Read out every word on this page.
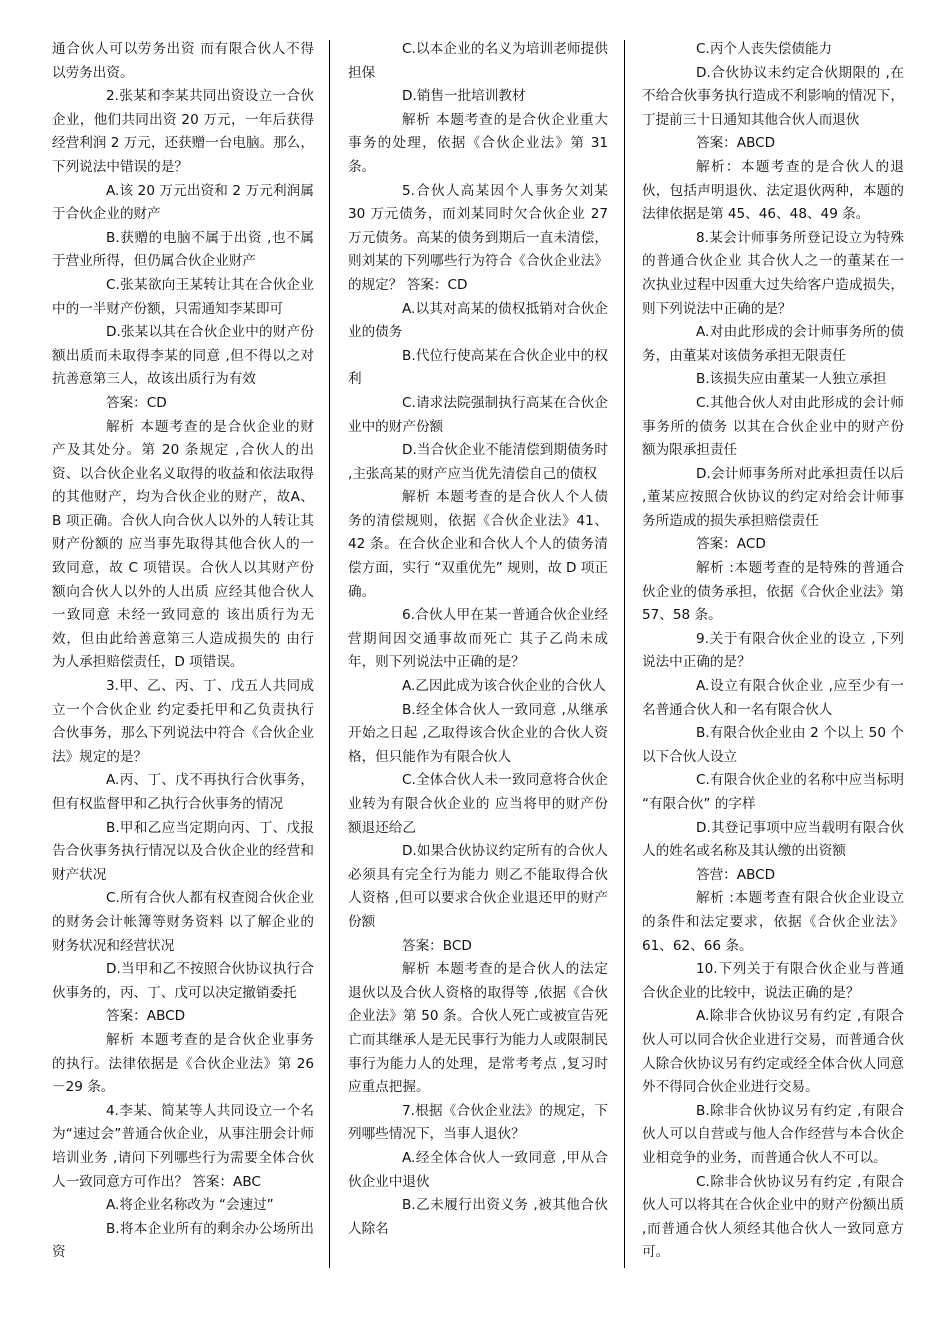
通合伙人可以劳务出资 而有限合伙人不得以劳务出资。

2.张某和李某共同出资设立一合伙企业，他们共同出资 20 万元，一年后获得经营利润 2 万元，还获赠一台电脑。那么，下列说法中错误的是？

A.该 20 万元出资和 2 万元利润属于合伙企业的财产

B.获赠的电脑不属于出资 ,也不属于营业所得，但仍属合伙企业财产

C.张某欲向王某转让其在合伙企业中的一半财产份额，只需通知李某即可

D.张某以其在合伙企业中的财产份额出质而未取得李某的同意 ,但不得以之对抗善意第三人，故该出质行为有效

答案：CD

解析 本题考查的是合伙企业的财产及其处分。第 20 条规定 ,合伙人的出资、以合伙企业名义取得的收益和依法取得的其他财产，均为合伙企业的财产，故A、B 项正确。合伙人向合伙人以外的人转让其财产份额的 应当事先取得其他合伙人的一致同意，故 C 项错误。合伙人以其财产份额向合伙人以外的人出质 应经其他合伙人一致同意 未经一致同意的 该出质行为无效，但由此给善意第三人造成损失的 由行为人承担赔偿责任，D 项错误。

3.甲、乙、丙、丁、戊五人共同成立一个合伙企业 约定委托甲和乙负责执行合伙事务，那么下列说法中符合《合伙企业法》规定的是？

A.丙、丁、戊不再执行合伙事务，但有权监督甲和乙执行合伙事务的情况

B.甲和乙应当定期向丙、丁、戊报告合伙事务执行情况以及合伙企业的经营和财产状况

C.所有合伙人都有权查阅合伙企业的财务会计帐簿等财务资料 以了解企业的财务状况和经营状况

D.当甲和乙不按照合伙协议执行合伙事务的，丙、丁、戊可以决定撤销委托

答案：ABCD

解析 本题考查的是合伙企业事务的执行。法律依据是《合伙企业法》第 26－29 条。

4.李某、简某等人共同设立一个名为“速过会”普通合伙企业，从事注册会计师培训业务 ,请问下列哪些行为需要全体合伙人一致同意方可作出？ 答案：ABC

A.将企业名称改为 “会速过”

B.将本企业所有的剩余办公场所出资

C.以本企业的名义为培训老师提供担保

D.销售一批培训教材

解析 本题考查的是合伙企业重大事务的处理，依据《合伙企业法》第 31 条。

5.合伙人高某因个人事务欠刘某 30 万元债务，而刘某同时欠合伙企业 27 万元债务。高某的债务到期后一直未清偿，则刘某的下列哪些行为符合《合伙企业法》的规定？ 答案：CD

A.以其对高某的债权抵销对合伙企业的债务

B.代位行使高某在合伙企业中的权利

C.请求法院强制执行高某在合伙企业中的财产份额

D.当合伙企业不能清偿到期债务时 ,主张高某的财产应当优先清偿自己的债权

解析 本题考查的是合伙人个人债务的清偿规则，依据《合伙企业法》41、42 条。在合伙企业和合伙人个人的债务清偿方面，实行 “双重优先” 规则，故 D 项正确。

6.合伙人甲在某一普通合伙企业经营期间因交通事故而死亡 其子乙尚未成年，则下列说法中正确的是？

A.乙因此成为该合伙企业的合伙人

B.经全体合伙人一致同意 ,从继承开始之日起 ,乙取得该合伙企业的合伙人资格，但只能作为有限合伙人

C.全体合伙人未一致同意将合伙企业转为有限合伙企业的 应当将甲的财产份额退还给乙

D.如果合伙协议约定所有的合伙人必须具有完全行为能力 则乙不能取得合伙人资格 ,但可以要求合伙企业退还甲的财产份额

答案：BCD

解析 本题考查的是合伙人的法定退伙以及合伙人资格的取得等 ,依据《合伙企业法》第 50 条。合伙人死亡或被宣告死亡而其继承人是无民事行为能力人或限制民事行为能力人的处理，是常考考点 ,复习时应重点把握。

7.根据《合伙企业法》的规定，下列哪些情况下，当事人退伙？

A.经全体合伙人一致同意 ,甲从合伙企业中退伙

B.乙未履行出资义务 ,被其他合伙人除名

C.丙个人丧失偿债能力

D.合伙协议未约定合伙期限的 ,在不给合伙事务执行造成不利影响的情况下，丁提前三十日通知其他合伙人而退伙

答案：ABCD

解析：本题考查的是合伙人的退伙，包括声明退伙、法定退伙两种，本题的法律依据是第 45、46、48、49 条。

8.某会计师事务所登记设立为特殊的普通合伙企业 其合伙人之一的董某在一次执业过程中因重大过失给客户造成损失，则下列说法中正确的是？

A.对由此形成的会计师事务所的债务，由董某对该债务承担无限责任

B.该损失应由董某一人独立承担

C.其他合伙人对由此形成的会计师事务所的债务 以其在合伙企业中的财产份额为限承担责任

D.会计师事务所对此承担责任以后 ,董某应按照合伙协议的约定对给会计师事务所造成的损失承担赔偿责任

答案：ACD

解析 :本题考查的是特殊的普通合伙企业的债务承担，依据《合伙企业法》第 57、58 条。

9.关于有限合伙企业的设立 ,下列说法中正确的是？

A.设立有限合伙企业 ,应至少有一名普通合伙人和一名有限合伙人

B.有限合伙企业由 2 个以上 50 个以下合伙人设立

C.有限合伙企业的名称中应当标明 “有限合伙” 的字样

D.其登记事项中应当载明有限合伙人的姓名或名称及其认缴的出资额

答营：ABCD

解析 :本题考查有限合伙企业设立的条件和法定要求，依据《合伙企业法》61、62、66 条。

10.下列关于有限合伙企业与普通合伙企业的比较中，说法正确的是？

A.除非合伙协议另有约定 ,有限合伙人可以同合伙企业进行交易，而普通合伙人除合伙协议另有约定或经全体合伙人同意外不得同合伙企业进行交易。

B.除非合伙协议另有约定 ,有限合伙人可以自营或与他人合作经营与本合伙企业相竞争的业务，而普通合伙人不可以。

C.除非合伙协议另有约定 ,有限合伙人可以将其在合伙企业中的财产份额出质 ,而普通合伙人须经其他合伙人一致同意方可。
